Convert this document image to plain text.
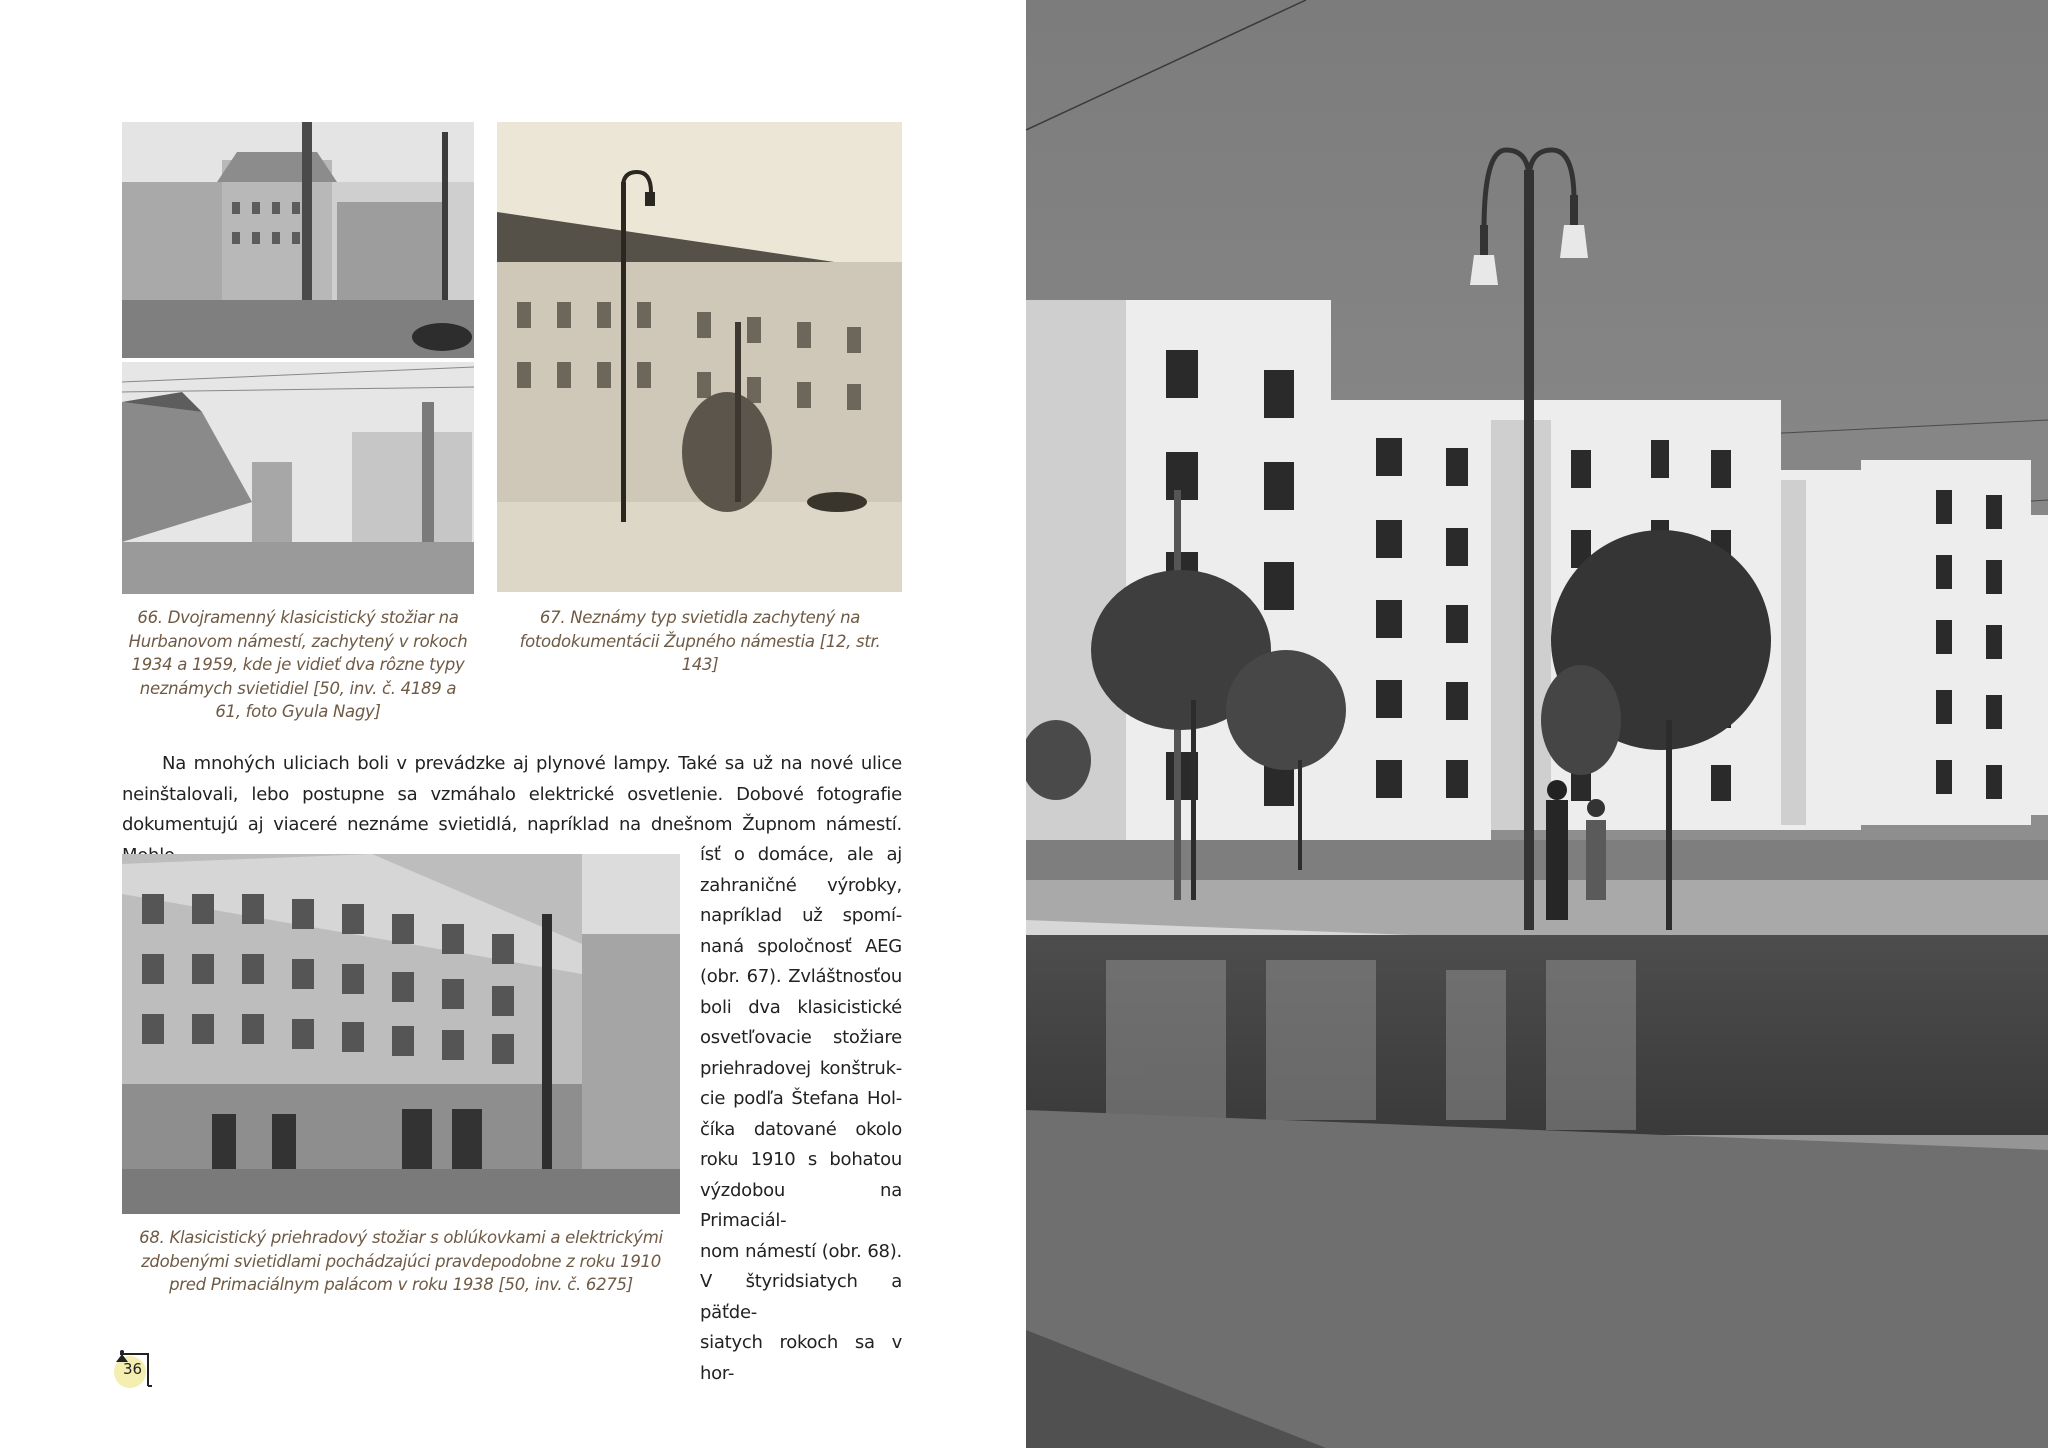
66. Dvojramenný klasicistický stožiar na Hurbanovom námestí, zachytený v rokoch 1934 a 1959, kde je vidieť dva rôzne typy neznámych svietidiel [50, inv. č. 4189 a 61, foto Gyula Nagy]
67. Neznámy typ svietidla zachytený na fotodokumentácii Župného námestia [12, str. 143]
Na mnohých uliciach boli v prevádzke aj plynové lampy. Také sa už na nové ulice neinštalovali, lebo postupne sa vzmáhalo elektrické osvetlenie. Dobové fotografie dokumentujú aj viaceré neznáme svietidlá, napríklad na dnešnom Župnom námestí.

ísť o domáce, ale aj

zahraničné výrobky,

napríklad už spomí-

naná spoločnosť AEG

(obr. 67). Zvláštnosťou

boli dva klasicistické

osvetľovacie stožiare

priehradovej konštruk-

cie podľa Štefana Hol-

číka datované okolo

roku 1910 s bohatou

výzdobou na Primaciál-

nom námestí (obr. 68).

V štyridsiatych a päťde-

siatych rokoch sa v hor-

68. Klasicistický priehradový stožiar s oblúkovkami a elektrickými zdobenými svietidlami pochádzajúci pravdepodobne z roku 1910 pred Primaciálnym palácom v roku 1938 [50, inv. č. 6275]
36
